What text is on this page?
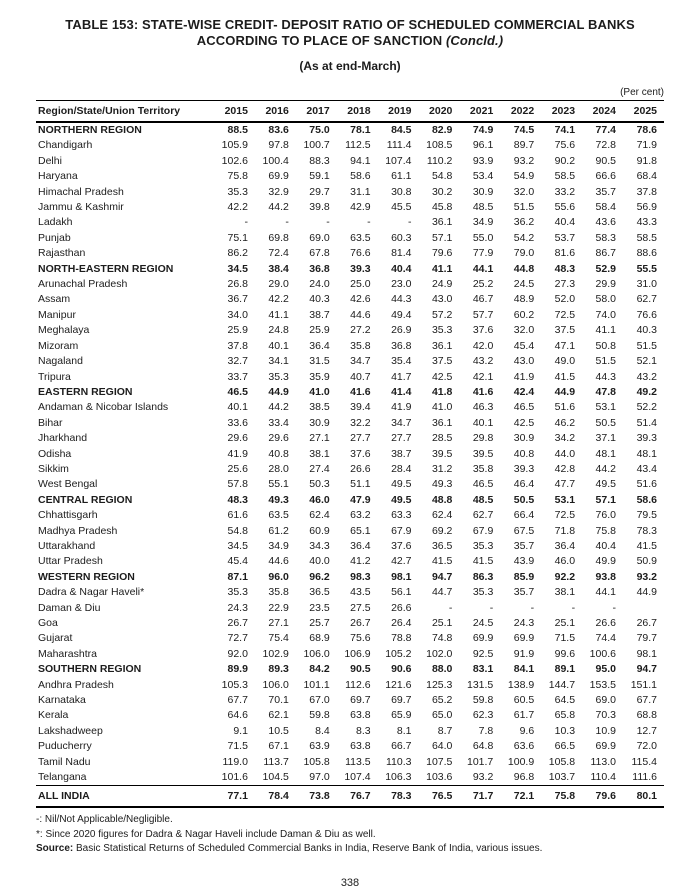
TABLE 153: STATE-WISE CREDIT- DEPOSIT RATIO OF SCHEDULED COMMERCIAL BANKS
ACCORDING TO PLACE OF SANCTION (Concld.)
(As at end-March)
(Per cent)
Region/State/Union Territory	2015	2016	2017	2018	2019	2020	2021	2022	2023	2024	2025
NORTHERN REGION	88.5	83.6	75.0	78.1	84.5	82.9	74.9	74.5	74.1	77.4	78.6
Chandigarh	105.9	97.8	100.7	112.5	111.4	108.5	96.1	89.7	75.6	72.8	71.9
Delhi	102.6	100.4	88.3	94.1	107.4	110.2	93.9	93.2	90.2	90.5	91.8
Haryana	75.8	69.9	59.1	58.6	61.1	54.8	53.4	54.9	58.5	66.6	68.4
Himachal Pradesh	35.3	32.9	29.7	31.1	30.8	30.2	30.9	32.0	33.2	35.7	37.8
Jammu & Kashmir	42.2	44.2	39.8	42.9	45.5	45.8	48.5	51.5	55.6	58.4	56.9
Ladakh	-	-	-	-	-	36.1	34.9	36.2	40.4	43.6	43.3
Punjab	75.1	69.8	69.0	63.5	60.3	57.1	55.0	54.2	53.7	58.3	58.5
Rajasthan	86.2	72.4	67.8	76.6	81.4	79.6	77.9	79.0	81.6	86.7	88.6
NORTH-EASTERN REGION	34.5	38.4	36.8	39.3	40.4	41.1	44.1	44.8	48.3	52.9	55.5
Arunachal Pradesh	26.8	29.0	24.0	25.0	23.0	24.9	25.2	24.5	27.3	29.9	31.0
Assam	36.7	42.2	40.3	42.6	44.3	43.0	46.7	48.9	52.0	58.0	62.7
Manipur	34.0	41.1	38.7	44.6	49.4	57.2	57.7	60.2	72.5	74.0	76.6
Meghalaya	25.9	24.8	25.9	27.2	26.9	35.3	37.6	32.0	37.5	41.1	40.3
Mizoram	37.8	40.1	36.4	35.8	36.8	36.1	42.0	45.4	47.1	50.8	51.5
Nagaland	32.7	34.1	31.5	34.7	35.4	37.5	43.2	43.0	49.0	51.5	52.1
Tripura	33.7	35.3	35.9	40.7	41.7	42.5	42.1	41.9	41.5	44.3	43.2
EASTERN REGION	46.5	44.9	41.0	41.6	41.4	41.8	41.6	42.4	44.9	47.8	49.2
Andaman & Nicobar Islands	40.1	44.2	38.5	39.4	41.9	41.0	46.3	46.5	51.6	53.1	52.2
Bihar	33.6	33.4	30.9	32.2	34.7	36.1	40.1	42.5	46.2	50.5	51.4
Jharkhand	29.6	29.6	27.1	27.7	27.7	28.5	29.8	30.9	34.2	37.1	39.3
Odisha	41.9	40.8	38.1	37.6	38.7	39.5	39.5	40.8	44.0	48.1	48.1
Sikkim	25.6	28.0	27.4	26.6	28.4	31.2	35.8	39.3	42.8	44.2	43.4
West Bengal	57.8	55.1	50.3	51.1	49.5	49.3	46.5	46.4	47.7	49.5	51.6
CENTRAL REGION	48.3	49.3	46.0	47.9	49.5	48.8	48.5	50.5	53.1	57.1	58.6
Chhattisgarh	61.6	63.5	62.4	63.2	63.3	62.4	62.7	66.4	72.5	76.0	79.5
Madhya Pradesh	54.8	61.2	60.9	65.1	67.9	69.2	67.9	67.5	71.8	75.8	78.3
Uttarakhand	34.5	34.9	34.3	36.4	37.6	36.5	35.3	35.7	36.4	40.4	41.5
Uttar Pradesh	45.4	44.6	40.0	41.2	42.7	41.5	41.5	43.9	46.0	49.9	50.9
WESTERN REGION	87.1	96.0	96.2	98.3	98.1	94.7	86.3	85.9	92.2	93.8	93.2
Dadra & Nagar Haveli*	35.3	35.8	36.5	43.5	56.1	44.7	35.3	35.7	38.1	44.1	44.9
Daman & Diu	24.3	22.9	23.5	27.5	26.6	-	-	-	-	-	
Goa	26.7	27.1	25.7	26.7	26.4	25.1	24.5	24.3	25.1	26.6	26.7
Gujarat	72.7	75.4	68.9	75.6	78.8	74.8	69.9	69.9	71.5	74.4	79.7
Maharashtra	92.0	102.9	106.0	106.9	105.2	102.0	92.5	91.9	99.6	100.6	98.1
SOUTHERN REGION	89.9	89.3	84.2	90.5	90.6	88.0	83.1	84.1	89.1	95.0	94.7
Andhra Pradesh	105.3	106.0	101.1	112.6	121.6	125.3	131.5	138.9	144.7	153.5	151.1
Karnataka	67.7	70.1	67.0	69.7	69.7	65.2	59.8	60.5	64.5	69.0	67.7
Kerala	64.6	62.1	59.8	63.8	65.9	65.0	62.3	61.7	65.8	70.3	68.8
Lakshadweep	9.1	10.5	8.4	8.3	8.1	8.7	7.8	9.6	10.3	10.9	12.7
Puducherry	71.5	67.1	63.9	63.8	66.7	64.0	64.8	63.6	66.5	69.9	72.0
Tamil Nadu	119.0	113.7	105.8	113.5	110.3	107.5	101.7	100.9	105.8	113.0	115.4
Telangana	101.6	104.5	97.0	107.4	106.3	103.6	93.2	96.8	103.7	110.4	111.6
ALL INDIA	77.1	78.4	73.8	76.7	78.3	76.5	71.7	72.1	75.8	79.6	80.1
-: Nil/Not Applicable/Negligible.
*: Since 2020 figures for Dadra & Nagar Haveli include Daman & Diu as well.
Source: Basic Statistical Returns of Scheduled Commercial Banks in India, Reserve Bank of India, various issues.
338
